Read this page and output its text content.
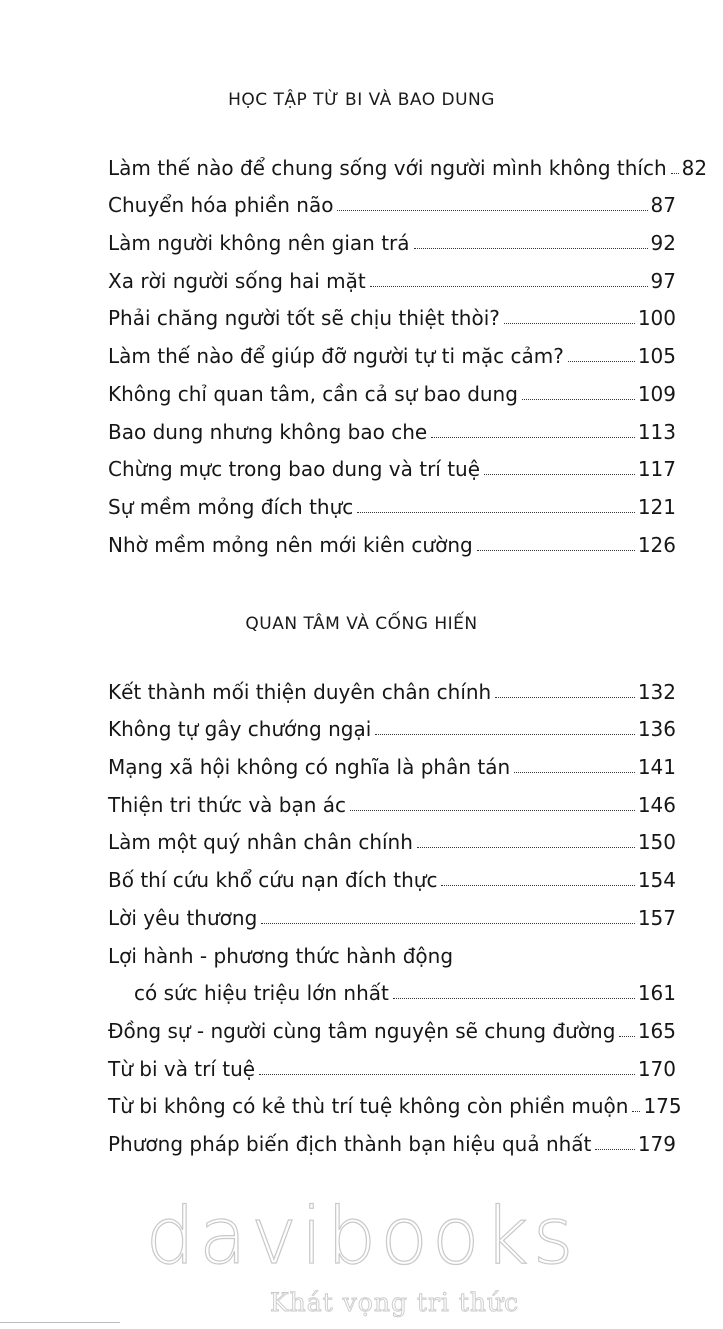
HỌC TẬP TỪ BI VÀ BAO DUNG
Làm thế nào để chung sống với người mình không thích 82
Chuyển hóa phiền não	87
Làm người không nên gian trá	92
Xa rời người sống hai mặt	97
Phải chăng người tốt sẽ chịu thiệt thòi?	100
Làm thế nào để giúp đỡ người tự ti mặc cảm?	105
Không chỉ quan tâm, cần cả sự bao dung	109
Bao dung nhưng không bao che	113
Chừng mực trong bao dung và trí tuệ	117
Sự mềm mỏng đích thực	121
Nhờ mềm mỏng nên mới kiên cường	126
QUAN TÂM VÀ CỐNG HIẾN
Kết thành mối thiện duyên chân chính	132
Không tự gây chướng ngại	136
Mạng xã hội không có nghĩa là phân tán	141
Thiện tri thức và bạn ác	146
Làm một quý nhân chân chính	150
Bố thí cứu khổ cứu nạn đích thực	154
Lời yêu thương	157
Lợi hành - phương thức hành động
có sức hiệu triệu lớn nhất	161
Đồng sự - người cùng tâm nguyện sẽ chung đường 165
Từ bi và trí tuệ	170
Từ bi không có kẻ thù trí tuệ không còn phiền muộn 175
Phương pháp biến địch thành bạn hiệu quả nhất 179
davibooks
Khát vọng tri thức
